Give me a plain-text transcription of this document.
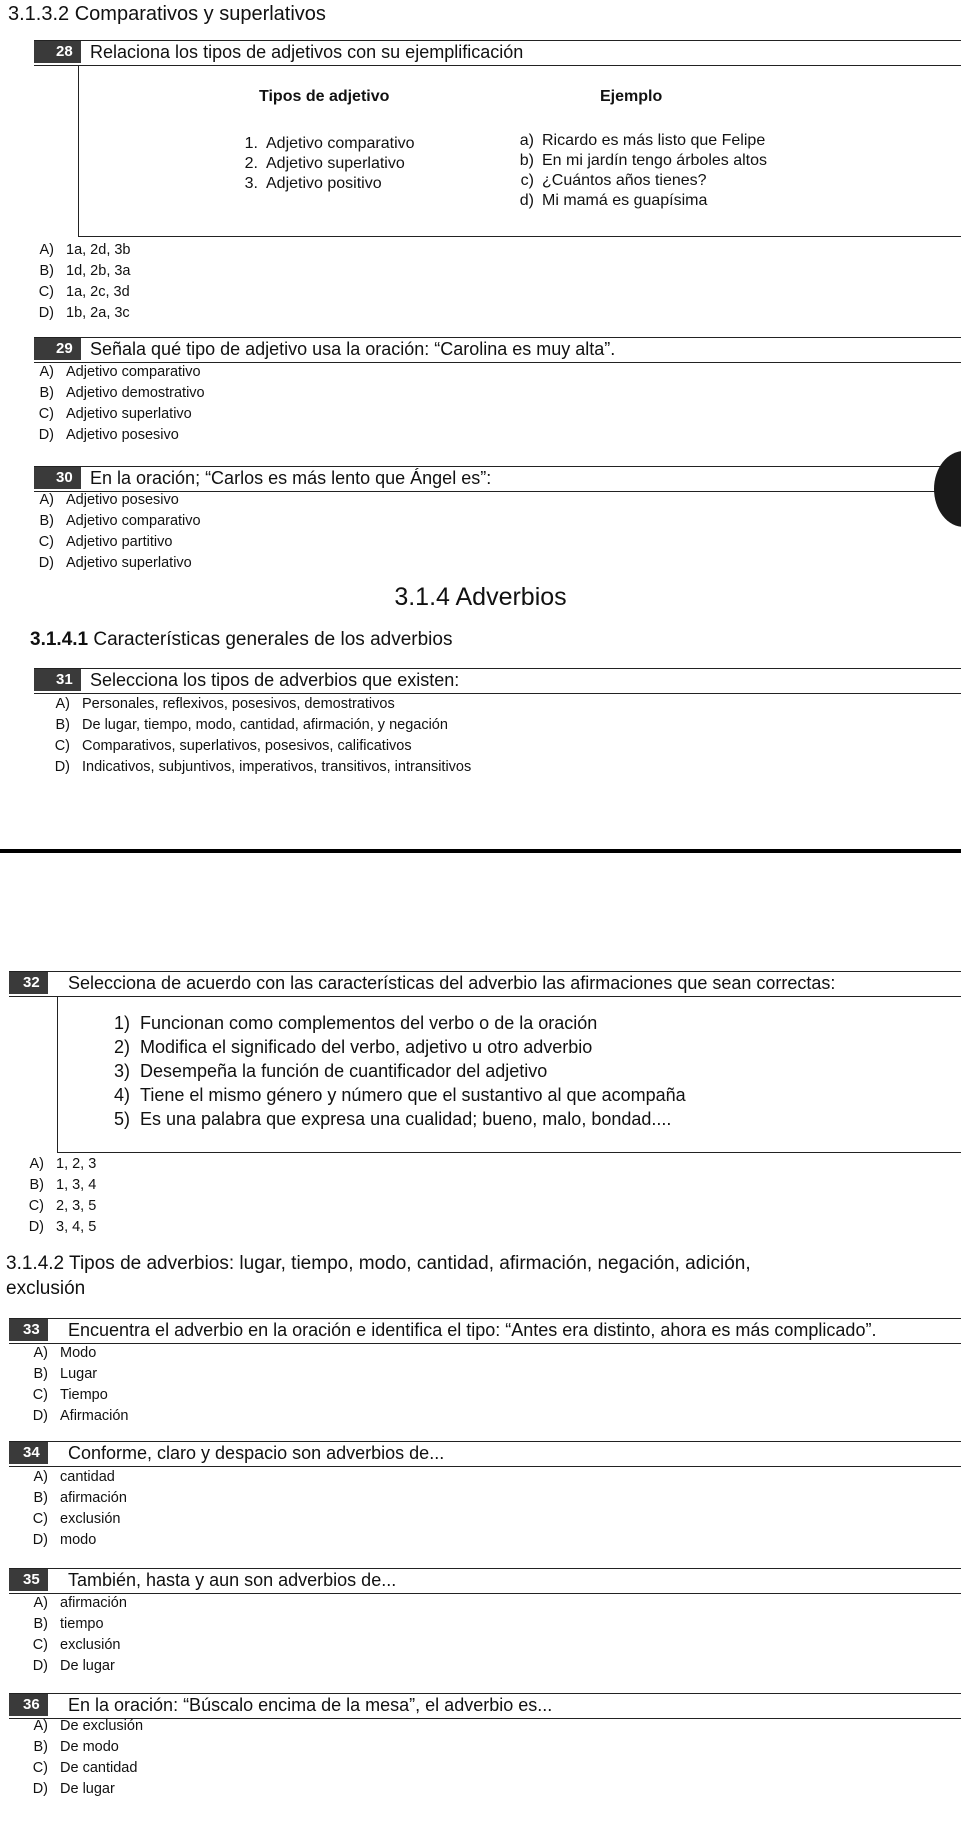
3.1.3.2 Comparativos y superlativos
28 Relaciona los tipos de adjetivos con su ejemplificación
Tipos de adjetivo	Ejemplo
1. Adjetivo comparativo
2. Adjetivo superlativo
3. Adjetivo positivo
a) Ricardo es más listo que Felipe
b) En mi jardín tengo árboles altos
c) ¿Cuántos años tienes?
d) Mi mamá es guapísima
A) 1a, 2d, 3b
B) 1d, 2b, 3a
C) 1a, 2c, 3d
D) 1b, 2a, 3c
29 Señala qué tipo de adjetivo usa la oración: “Carolina es muy alta”.
A) Adjetivo comparativo
B) Adjetivo demostrativo
C) Adjetivo superlativo
D) Adjetivo posesivo
30 En la oración; “Carlos es más lento que Ángel es”:
A) Adjetivo posesivo
B) Adjetivo comparativo
C) Adjetivo partitivo
D) Adjetivo superlativo
3.1.4 Adverbios
3.1.4.1 Características generales de los adverbios
31 Selecciona los tipos de adverbios que existen:
A) Personales, reflexivos, posesivos, demostrativos
B) De lugar, tiempo, modo, cantidad, afirmación, y negación
C) Comparativos, superlativos, posesivos, calificativos
D) Indicativos, subjuntivos, imperativos, transitivos, intransitivos
32	Selecciona de acuerdo con las características del adverbio las afirmaciones que sean correctas:
1) Funcionan como complementos del verbo o de la oración
2) Modifica el significado del verbo, adjetivo u otro adverbio
3) Desempeña la función de cuantificador del adjetivo
4) Tiene el mismo género y número que el sustantivo al que acompaña
5) Es una palabra que expresa una cualidad; bueno, malo, bondad....
A) 1, 2, 3
B) 1, 3, 4
C) 2, 3, 5
D) 3, 4, 5
3.1.4.2 Tipos de adverbios: lugar, tiempo, modo, cantidad, afirmación, negación, adición,
exclusión
33	Encuentra el adverbio en la oración e identifica el tipo: “Antes era distinto, ahora es más complicado”.
A) Modo
B) Lugar
C) Tiempo
D) Afirmación
34	Conforme, claro y despacio son adverbios de...
A) cantidad
B) afirmación
C) exclusión
D) modo
35	También, hasta y aun son adverbios de...
A) afirmación
B) tiempo
C) exclusión
D) De lugar
36	En la oración: “Búscalo encima de la mesa”, el adverbio es...
A) De exclusión
B) De modo
C) De cantidad
D) De lugar
